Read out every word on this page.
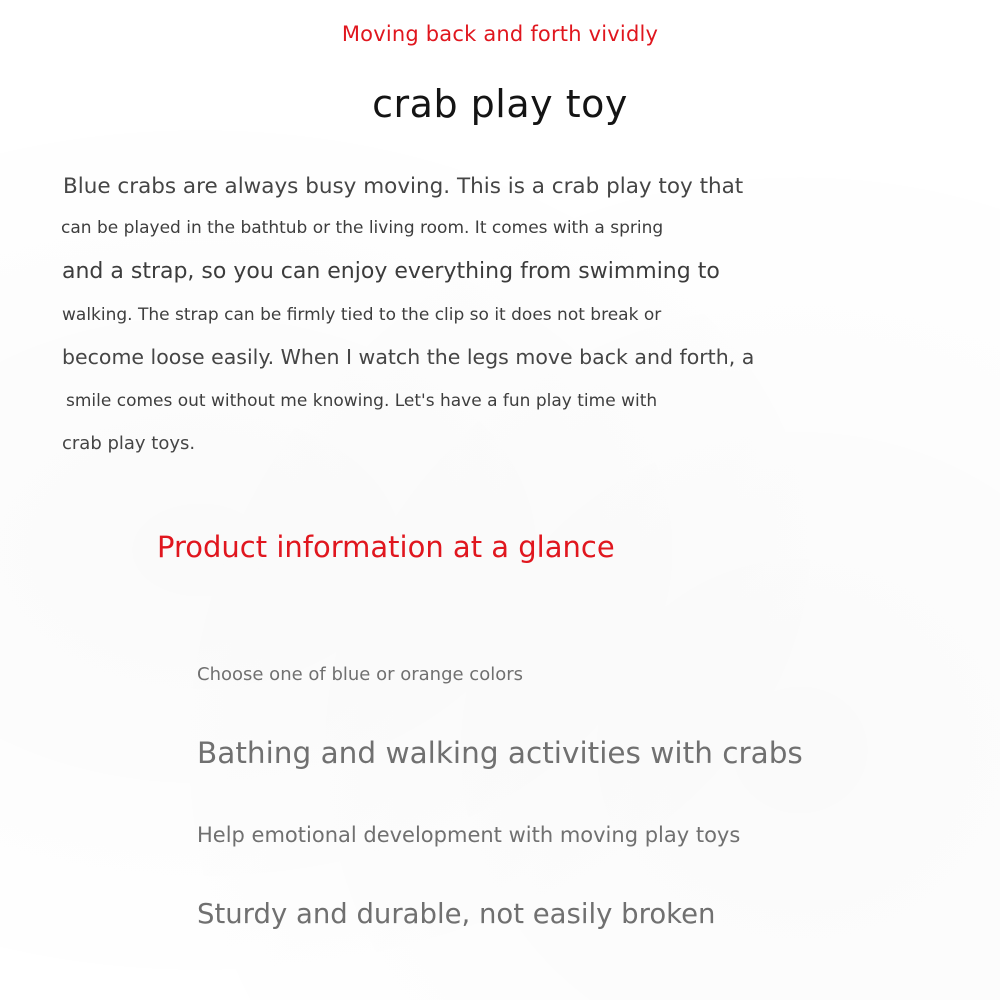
Moving back and forth vividly
crab play toy
Blue crabs are always busy moving. This is a crab play toy that
can be played in the bathtub or the living room. It comes with a spring
and a strap, so you can enjoy everything from swimming to
walking. The strap can be firmly tied to the clip so it does not break or
become loose easily. When I watch the legs move back and forth, a
smile comes out without me knowing. Let's have a fun play time with
crab play toys.
Product information at a glance
Choose one of blue or orange colors
Bathing and walking activities with crabs
Help emotional development with moving play toys
Sturdy and durable, not easily broken
